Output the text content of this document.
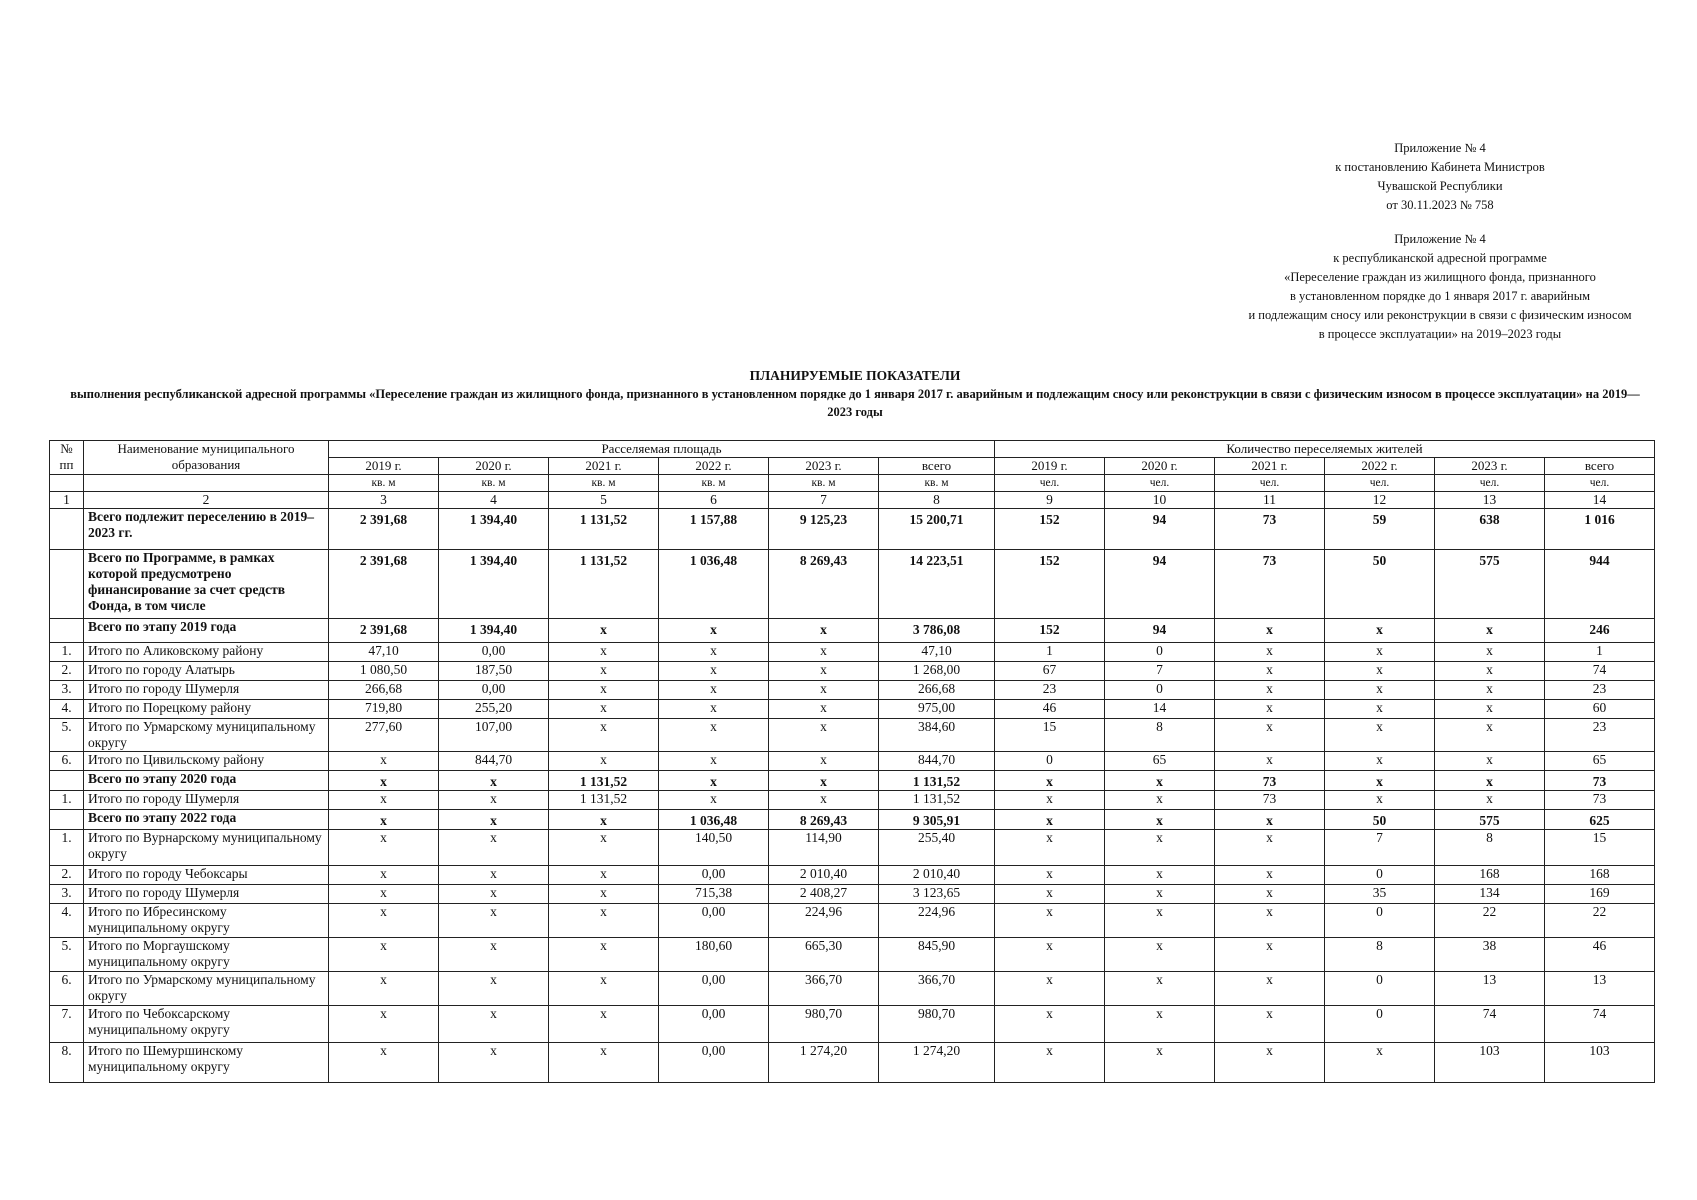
Приложение № 4
к постановлению Кабинета Министров
Чувашской Республики
от 30.11.2023 № 758
Приложение № 4
к республиканской адресной программе
«Переселение граждан из жилищного фонда, признанного
в установленном порядке до 1 января 2017 г. аварийным
и подлежащим сносу или реконструкции в связи с физическим износом
в процессе эксплуатации» на 2019–2023 годы
ПЛАНИРУЕМЫЕ ПОКАЗАТЕЛИ
выполнения республиканской адресной программы «Переселение граждан из жилищного фонда, признанного в установленном порядке до 1 января 2017 г. аварийным и подлежащим сносу или реконструкции в связи с физическим износом в процессе эксплуатации» на 2019—2023 годы
№ пп	Наименование муниципального образования	Расселяемая площадь						Количество переселяемых жителей					
		2019 г.	2020 г.	2021 г.	2022 г.	2023 г.	всего	2019 г.	2020 г.	2021 г.	2022 г.	2023 г.	всего
		кв. м	кв. м	кв. м	кв. м	кв. м	кв. м	чел.	чел.	чел.	чел.	чел.	чел.
1	2	3	4	5	6	7	8	9	10	11	12	13	14
	Всего подлежит переселению в 2019–2023 гг.	2 391,68	1 394,40	1 131,52	1 157,88	9 125,23	15 200,71	152	94	73	59	638	1 016
	Всего по Программе, в рамках которой предусмотрено финансирование за счет средств Фонда, в том числе	2 391,68	1 394,40	1 131,52	1 036,48	8 269,43	14 223,51	152	94	73	50	575	944
	Всего по этапу 2019 года	2 391,68	1 394,40	x	x	x	3 786,08	152	94	x	x	x	246
1.	Итого по Аликовскому району	47,10	0,00	x	x	x	47,10	1	0	x	x	x	1
2.	Итого по городу Алатырь	1 080,50	187,50	x	x	x	1 268,00	67	7	x	x	x	74
3.	Итого по городу Шумерля	266,68	0,00	x	x	x	266,68	23	0	x	x	x	23
4.	Итого по Порецкому району	719,80	255,20	x	x	x	975,00	46	14	x	x	x	60
5.	Итого по Урмарскому муниципальному округу	277,60	107,00	x	x	x	384,60	15	8	x	x	x	23
6.	Итого по Цивильскому району	x	844,70	x	x	x	844,70	0	65	x	x	x	65
	Всего по этапу 2020 года	x	x	1 131,52	x	x	1 131,52	x	x	73	x	x	73
1.	Итого по городу Шумерля	x	x	1 131,52	x	x	1 131,52	x	x	73	x	x	73
	Всего по этапу 2022 года	x	x	x	1 036,48	8 269,43	9 305,91	x	x	x	50	575	625
1.	Итого по Вурнарскому муниципальному округу	x	x	x	140,50	114,90	255,40	x	x	x	7	8	15
2.	Итого по городу Чебоксары	x	x	x	0,00	2 010,40	2 010,40	x	x	x	0	168	168
3.	Итого по городу Шумерля	x	x	x	715,38	2 408,27	3 123,65	x	x	x	35	134	169
4.	Итого по Ибресинскому муниципальному округу	x	x	x	0,00	224,96	224,96	x	x	x	0	22	22
5.	Итого по Моргаушскому муниципальному округу	x	x	x	180,60	665,30	845,90	x	x	x	8	38	46
6.	Итого по Урмарскому муниципальному округу	x	x	x	0,00	366,70	366,70	x	x	x	0	13	13
7.	Итого по Чебоксарскому муниципальному округу	x	x	x	0,00	980,70	980,70	x	x	x	0	74	74
8.	Итого по Шемуршинскому муниципальному округу	x	x	x	0,00	1 274,20	1 274,20	x	x	x	x	103	103
